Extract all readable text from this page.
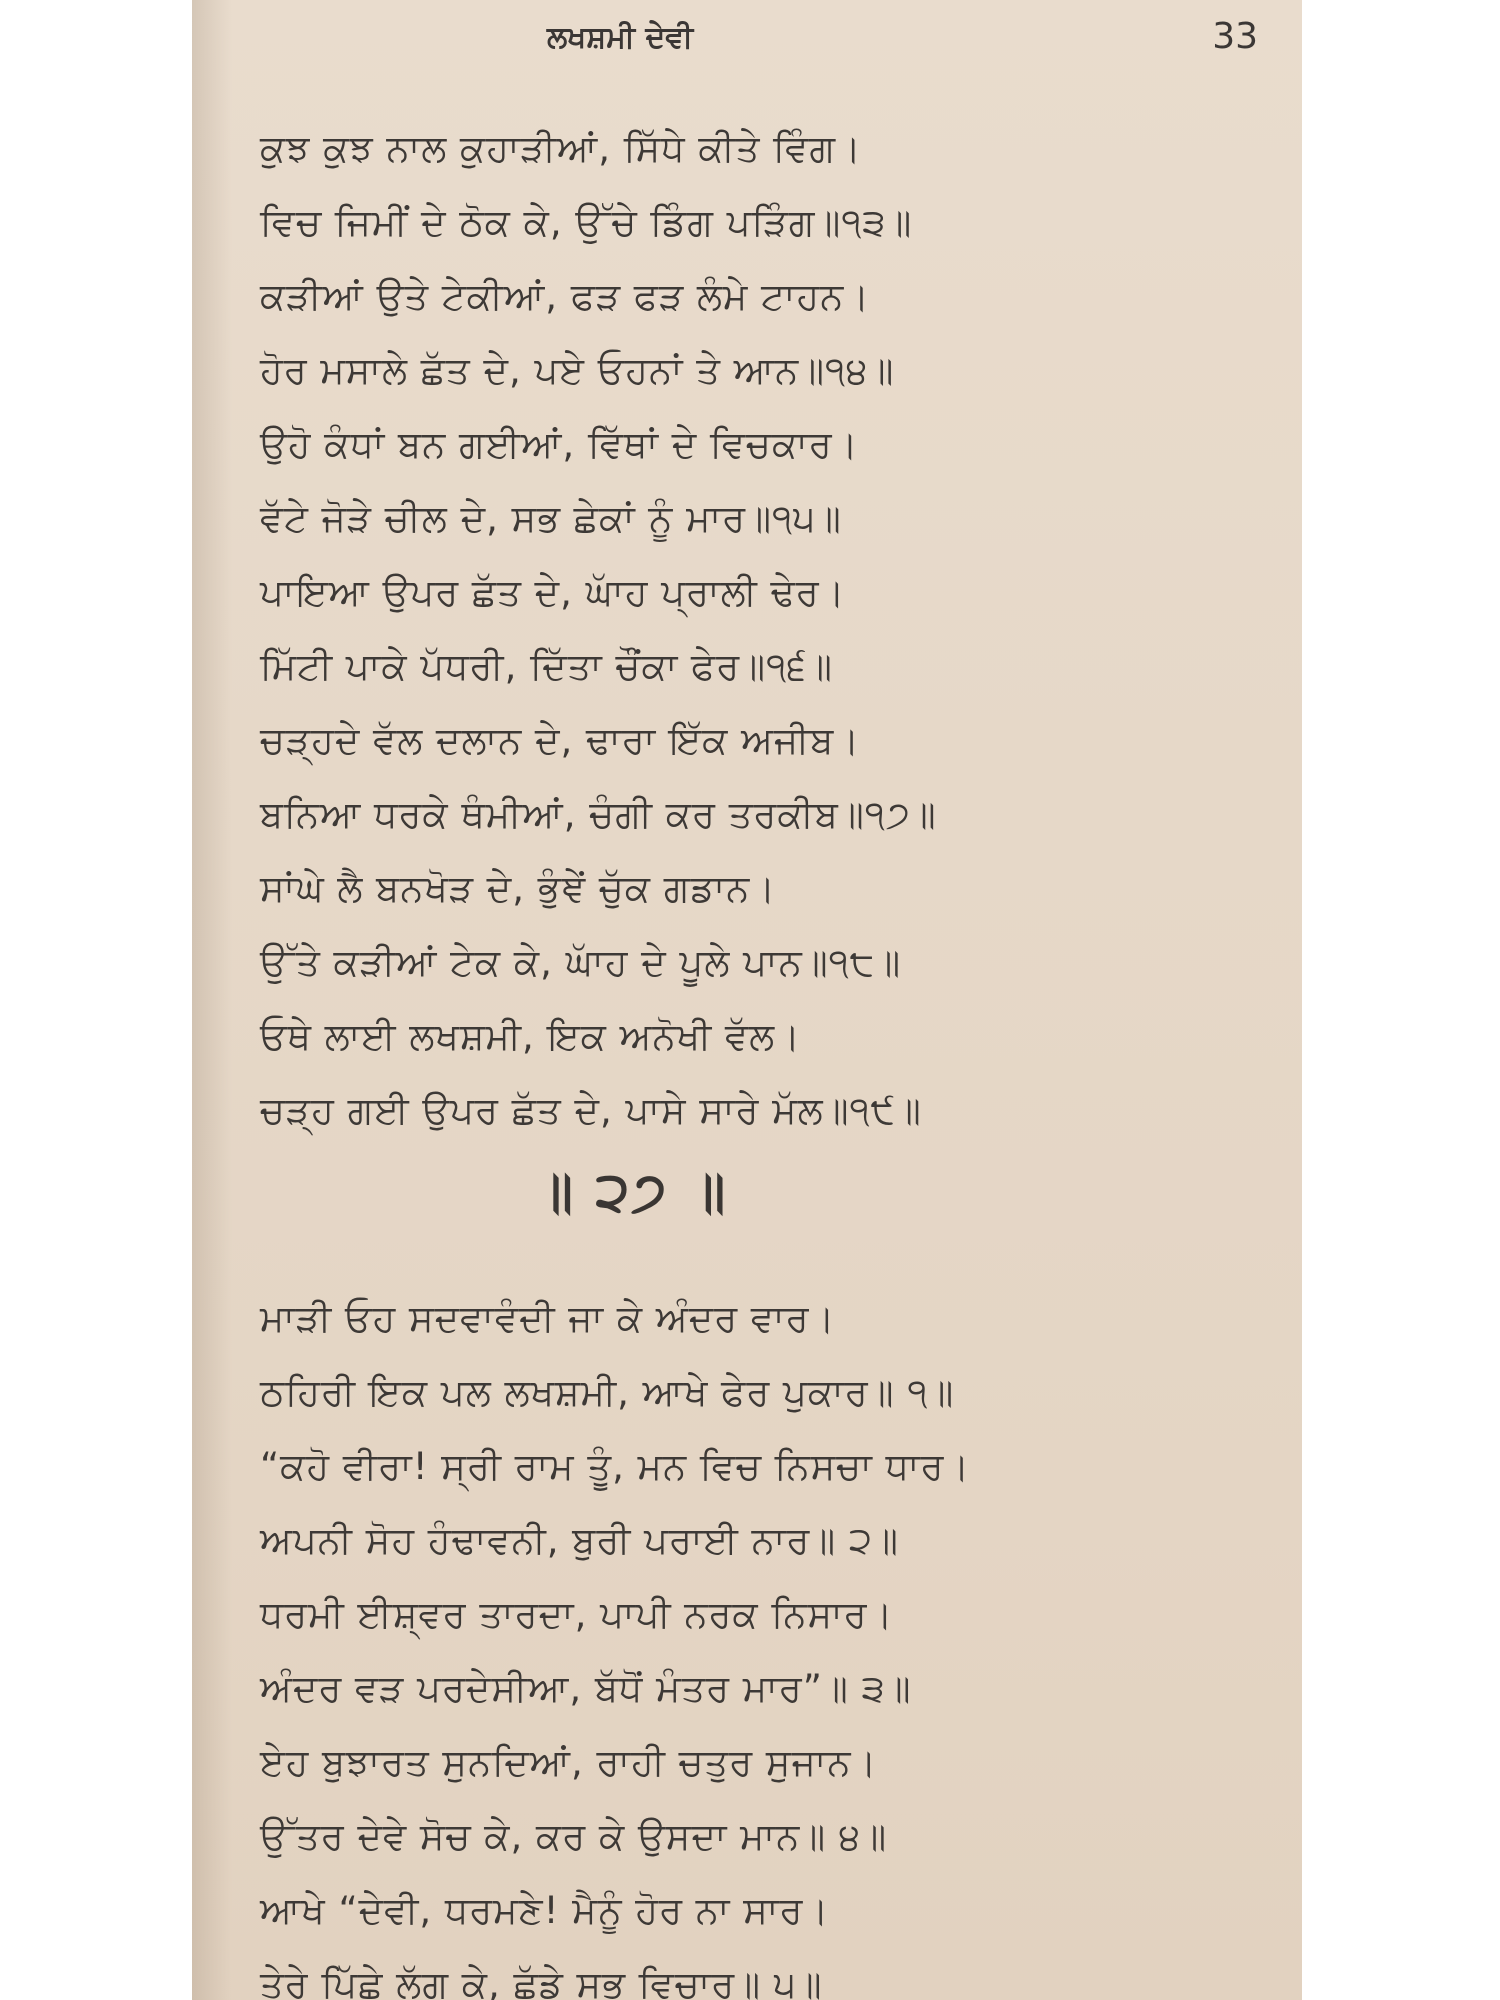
ਲਖਸ਼ਮੀ ਦੇਵੀ	33
ਕੁਝ ਕੁਝ ਨਾਲ ਕੁਹਾੜੀਆਂ, ਸਿੱਧੇ ਕੀਤੇ ਵਿੰਗ।
ਵਿਚ ਜਿਮੀਂ ਦੇ ਠੋਕ ਕੇ, ਉੱਚੇ ਡਿੰਗ ਪੜਿੰਗ॥੧੩॥
ਕੜੀਆਂ ਉਤੇ ਟੇਕੀਆਂ, ਫੜ ਫੜ ਲੰਮੇ ਟਾਹਨ।
ਹੋਰ ਮਸਾਲੇ ਛੱਤ ਦੇ, ਪਏ ਓਹਨਾਂ ਤੇ ਆਨ॥੧੪॥
ਉਹੋ ਕੰਧਾਂ ਬਨ ਗਈਆਂ, ਵਿੱਥਾਂ ਦੇ ਵਿਚਕਾਰ।
ਵੱਟੇ ਜੋੜੇ ਚੀਲ ਦੇ, ਸਭ ਛੇਕਾਂ ਨੂੰ ਮਾਰ॥੧੫॥
ਪਾਇਆ ਉਪਰ ਛੱਤ ਦੇ, ਘਾੱਹ ਪ੍ਰਾਲੀ ਢੇਰ।
ਮਿੱਟੀ ਪਾਕੇ ਪੱਧਰੀ, ਦਿੱਤਾ ਚੌਂਕਾ ਫੇਰ॥੧੬॥
ਚੜ੍ਹਦੇ ਵੱਲ ਦਲਾਨ ਦੇ, ਢਾਰਾ ਇੱਕ ਅਜੀਬ।
ਬਨਿਆ ਧਰਕੇ ਥੰਮੀਆਂ, ਚੰਗੀ ਕਰ ਤਰਕੀਬ॥੧੭॥
ਸਾਂਘੇ ਲੈ ਬਨਖੋੜ ਦੇ, ਭੁੰਞੇਂ ਚੁੱਕ ਗਡਾਨ।
ਉੱਤੇ ਕੜੀਆਂ ਟੇਕ ਕੇ, ਘਾੱਹ ਦੇ ਪੂਲੇ ਪਾਨ॥੧੮॥
ਓਥੇ ਲਾਈ ਲਖਸ਼ਮੀ, ਇਕ ਅਨੋਖੀ ਵੱਲ।
ਚੜ੍ਹ ਗਈ ਉਪਰ ਛੱਤ ਦੇ, ਪਾਸੇ ਸਾਰੇ ਮੱਲ॥੧੯॥
॥ ੨੭ ॥
ਮਾੜੀ ਓਹ ਸਦਵਾਵੰਦੀ ਜਾ ਕੇ ਅੰਦਰ ਵਾਰ।
ਠਹਿਰੀ ਇਕ ਪਲ ਲਖਸ਼ਮੀ, ਆਖੇ ਫੇਰ ਪੁਕਾਰ॥ ੧॥
“ਕਹੋ ਵੀਰਾ! ਸ੍ਰੀ ਰਾਮ ਤੂੰ, ਮਨ ਵਿਚ ਨਿਸਚਾ ਧਾਰ।
ਅਪਨੀ ਸੋਹ ਹੰਢਾਵਨੀ, ਬੁਰੀ ਪਰਾਈ ਨਾਰ॥ ੨॥
ਧਰਮੀ ਈਸ਼੍ਵਰ ਤਾਰਦਾ, ਪਾਪੀ ਨਰਕ ਨਿਸਾਰ।
ਅੰਦਰ ਵੜ ਪਰਦੇਸੀਆ, ਬੱਧੋਂ ਮੰਤਰ ਮਾਰ”॥ ੩॥
ਏਹ ਬੁਝਾਰਤ ਸੁਨਦਿਆਂ, ਰਾਹੀ ਚਤੁਰ ਸੁਜਾਨ।
ਉੱਤਰ ਦੇਵੇ ਸੋਚ ਕੇ, ਕਰ ਕੇ ਉਸਦਾ ਮਾਨ॥ ੪॥
ਆਖੇ “ਦੇਵੀ, ਧਰਮਣੇ! ਮੈਨੂੰ ਹੋਰ ਨਾ ਸਾਰ।
ਤੇਰੇ ਪਿੱਛੇ ਲੱਗ ਕੇ, ਛੱਡੇ ਸਭ ਵਿਚਾਰ॥ ੫॥
